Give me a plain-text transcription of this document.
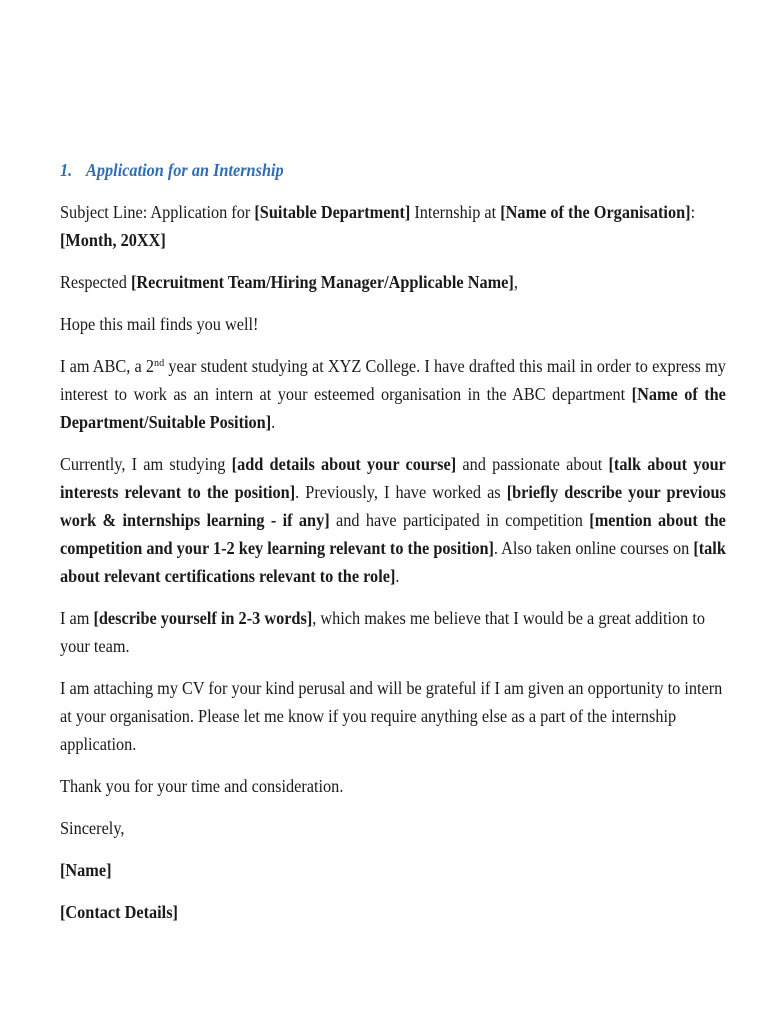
1. Application for an Internship

Subject Line: Application for [Suitable Department] Internship at [Name of the Organisation]: [Month, 20XX]

Respected [Recruitment Team/Hiring Manager/Applicable Name],

Hope this mail finds you well!

I am ABC, a 2nd year student studying at XYZ College. I have drafted this mail in order to express my interest to work as an intern at your esteemed organisation in the ABC department [Name of the Department/Suitable Position].

Currently, I am studying [add details about your course] and passionate about [talk about your interests relevant to the position]. Previously, I have worked as [briefly describe your previous work & internships learning - if any] and have participated in competition [mention about the competition and your 1-2 key learning relevant to the position]. Also taken online courses on [talk about relevant certifications relevant to the role].

I am [describe yourself in 2-3 words], which makes me believe that I would be a great addition to your team.

I am attaching my CV for your kind perusal and will be grateful if I am given an opportunity to intern at your organisation. Please let me know if you require anything else as a part of the internship application.

Thank you for your time and consideration.

Sincerely,

[Name]

[Contact Details]
